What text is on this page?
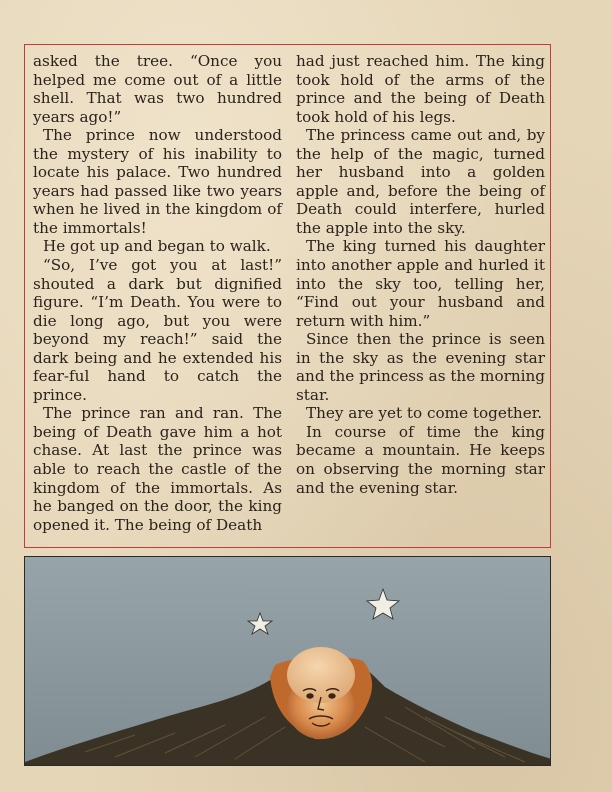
asked the tree. “Once you helped me come out of a little shell. That was two hundred years ago!”

The prince now understood the mystery of his inability to locate his palace. Two hundred years had passed like two years when he lived in the kingdom of the immortals!

He got up and began to walk.

“So, I’ve got you at last!” shouted a dark but dignified figure. “I’m Death. You were to die long ago, but you were beyond my reach!” said the dark being and he extended his fear-ful hand to catch the prince.

The prince ran and ran. The being of Death gave him a hot chase. At last the prince was able to reach the castle of the kingdom of the immortals. As he banged on the door, the king opened it. The being of Death

had just reached him. The king took hold of the arms of the prince and the being of Death took hold of his legs.

The princess came out and, by the help of the magic, turned her husband into a golden apple and, before the being of Death could interfere, hurled the apple into the sky.

The king turned his daughter into another apple and hurled it into the sky too, telling her, “Find out your husband and return with him.”

Since then the prince is seen in the sky as the evening star and the princess as the morning star.

They are yet to come together.

In course of time the king became a mountain. He keeps on observing the morning star and the evening star.
